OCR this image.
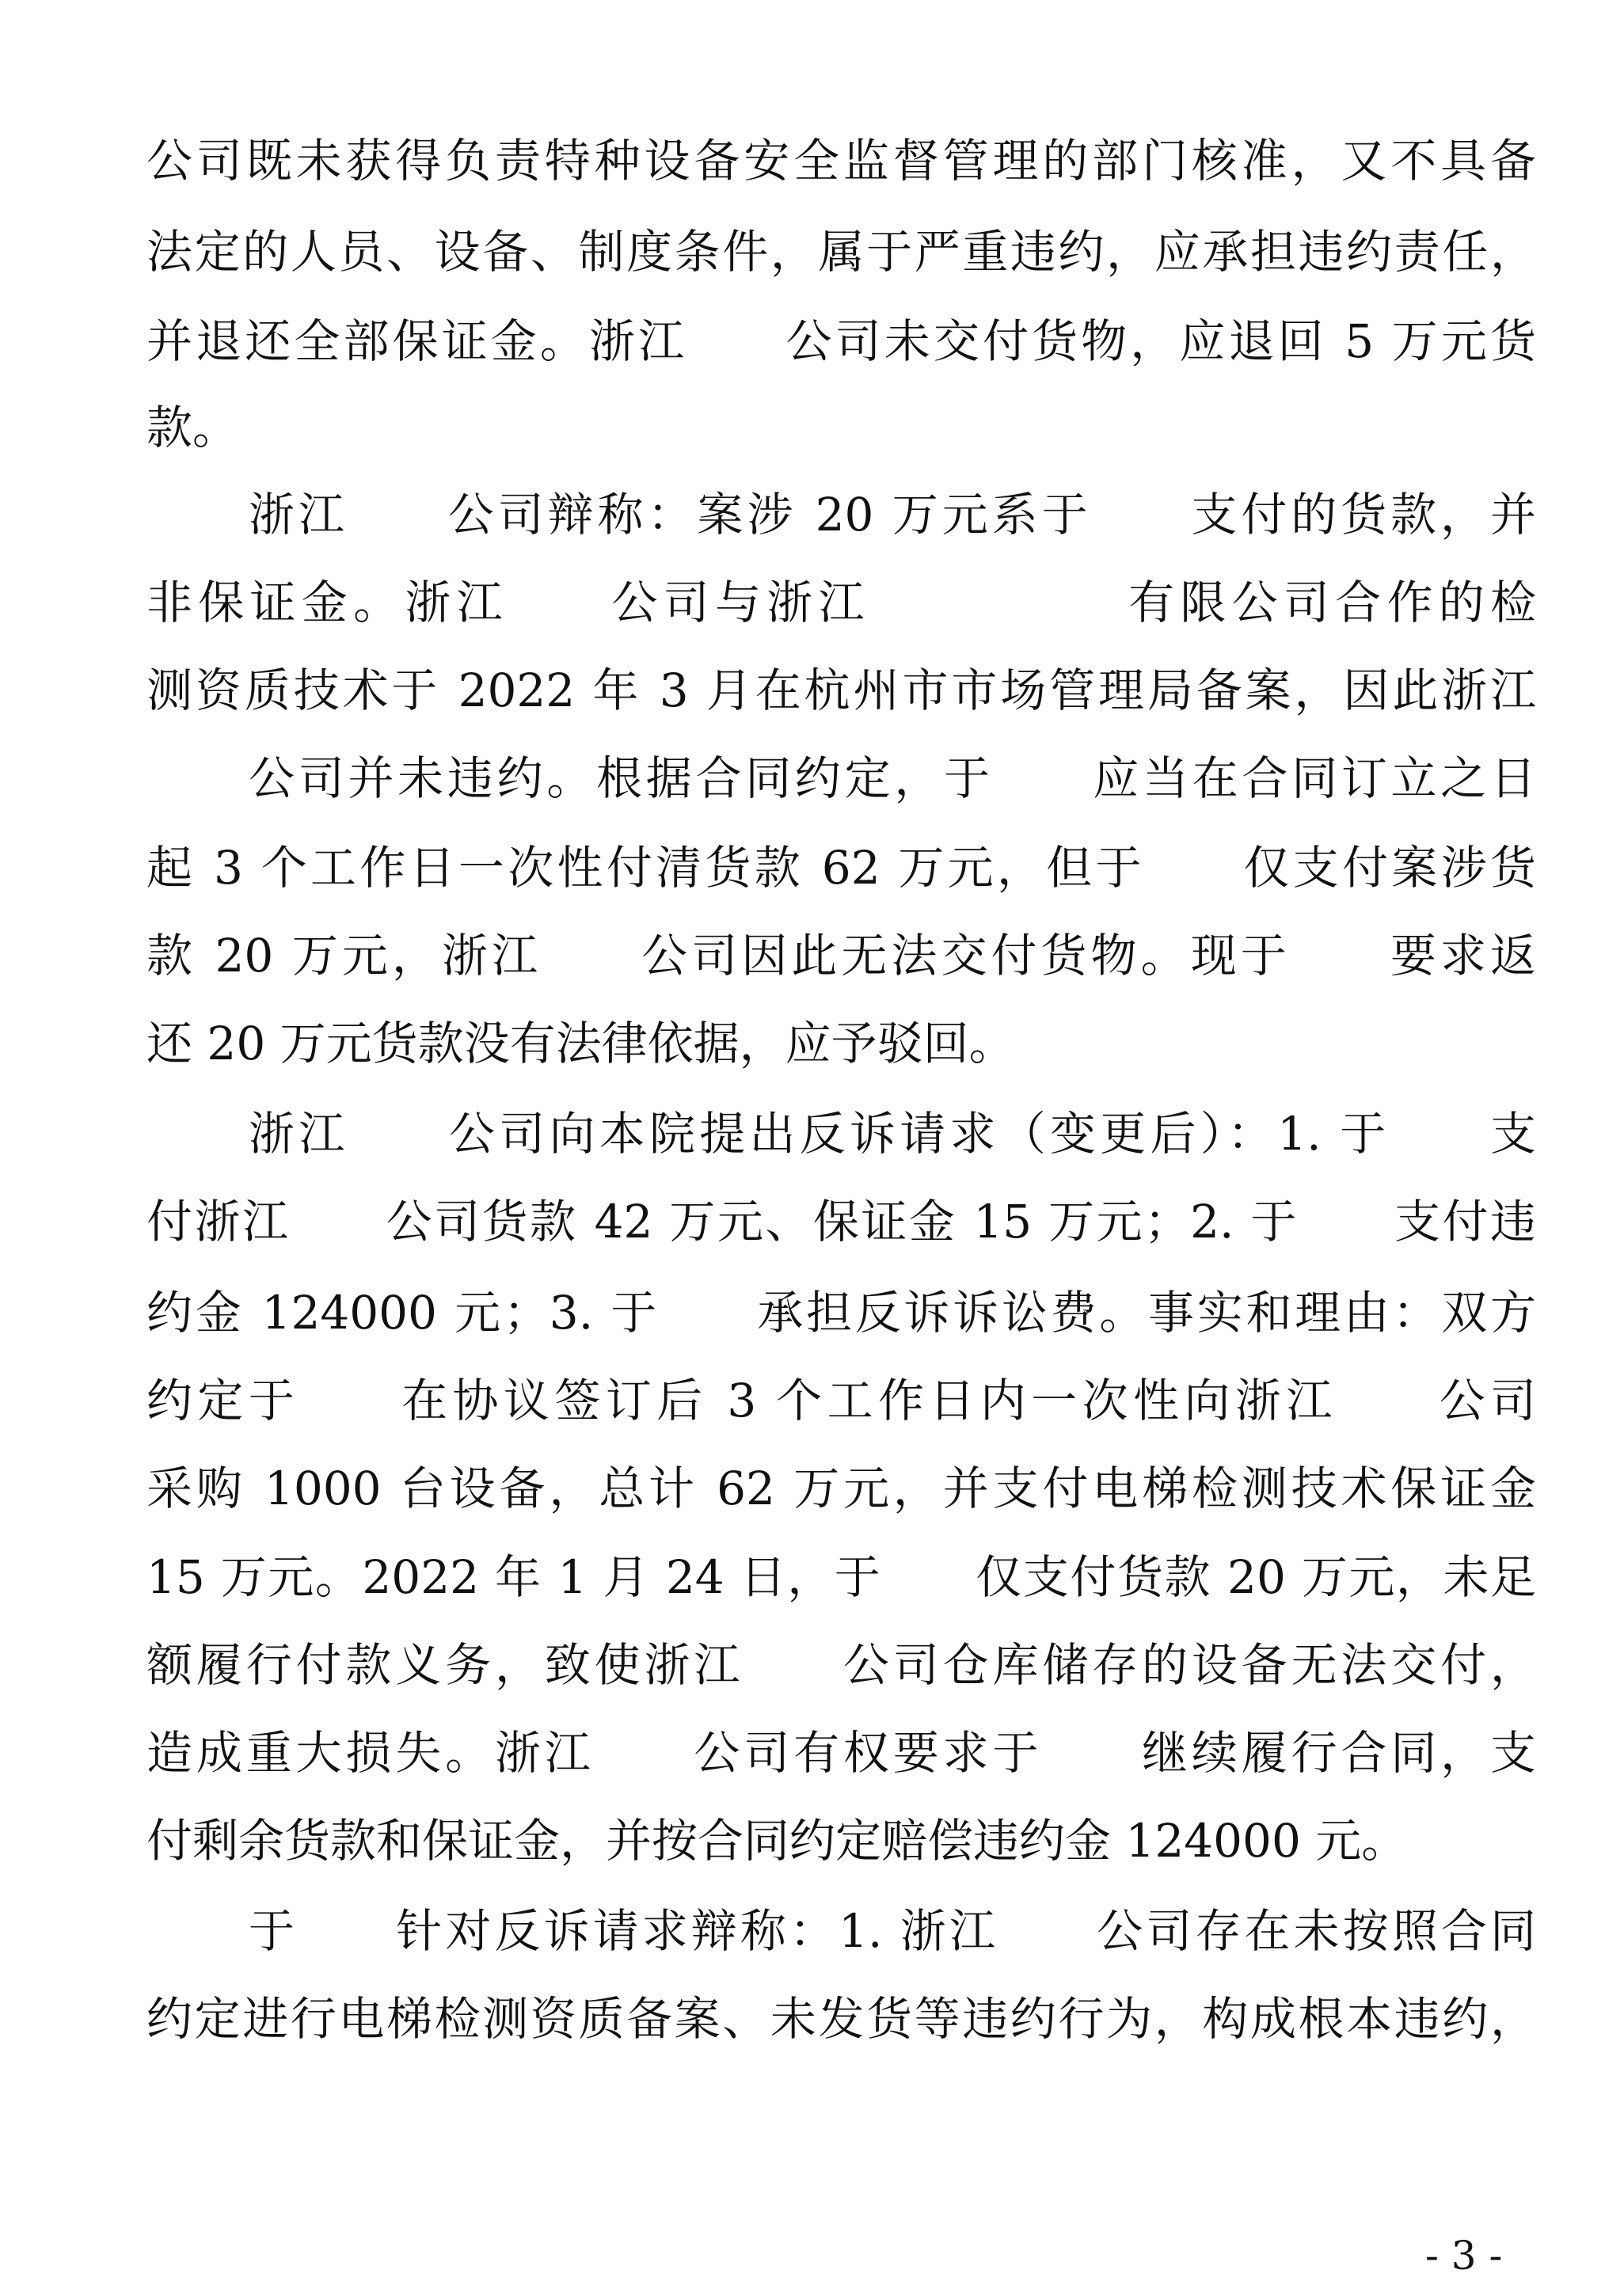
公司既未获得负责特种设备安全监督管理的部门核准，又不具备
法定的人员、设备、制度条件，属于严重违约，应承担违约责任，
并退还全部保证金。浙江　　公司未交付货物，应退回 5 万元货
款。
浙江　　公司辩称：案涉 20 万元系于　　支付的货款，并
非保证金。浙江　　公司与浙江　　　　　有限公司合作的检
测资质技术于 2022 年 3 月在杭州市市场管理局备案，因此浙江
公司并未违约。根据合同约定，于　　应当在合同订立之日
起 3 个工作日一次性付清货款 62 万元，但于　　仅支付案涉货
款 20 万元，浙江　　公司因此无法交付货物。现于　　要求返
还 20 万元货款没有法律依据，应予驳回。
浙江　　公司向本院提出反诉请求（变更后）：1. 于　　支
付浙江　　公司货款 42 万元、保证金 15 万元；2. 于　　支付违
约金 124000 元；3. 于　　承担反诉诉讼费。事实和理由：双方
约定于　　在协议签订后 3 个工作日内一次性向浙江　　公司
采购 1000 台设备，总计 62 万元，并支付电梯检测技术保证金
15 万元。2022 年 1 月 24 日，于　　仅支付货款 20 万元，未足
额履行付款义务，致使浙江　　公司仓库储存的设备无法交付，
造成重大损失。浙江　　公司有权要求于　　继续履行合同，支
付剩余货款和保证金，并按合同约定赔偿违约金 124000 元。
于　　针对反诉请求辩称：1. 浙江　　公司存在未按照合同
约定进行电梯检测资质备案、未发货等违约行为，构成根本违约，
- 3 -
